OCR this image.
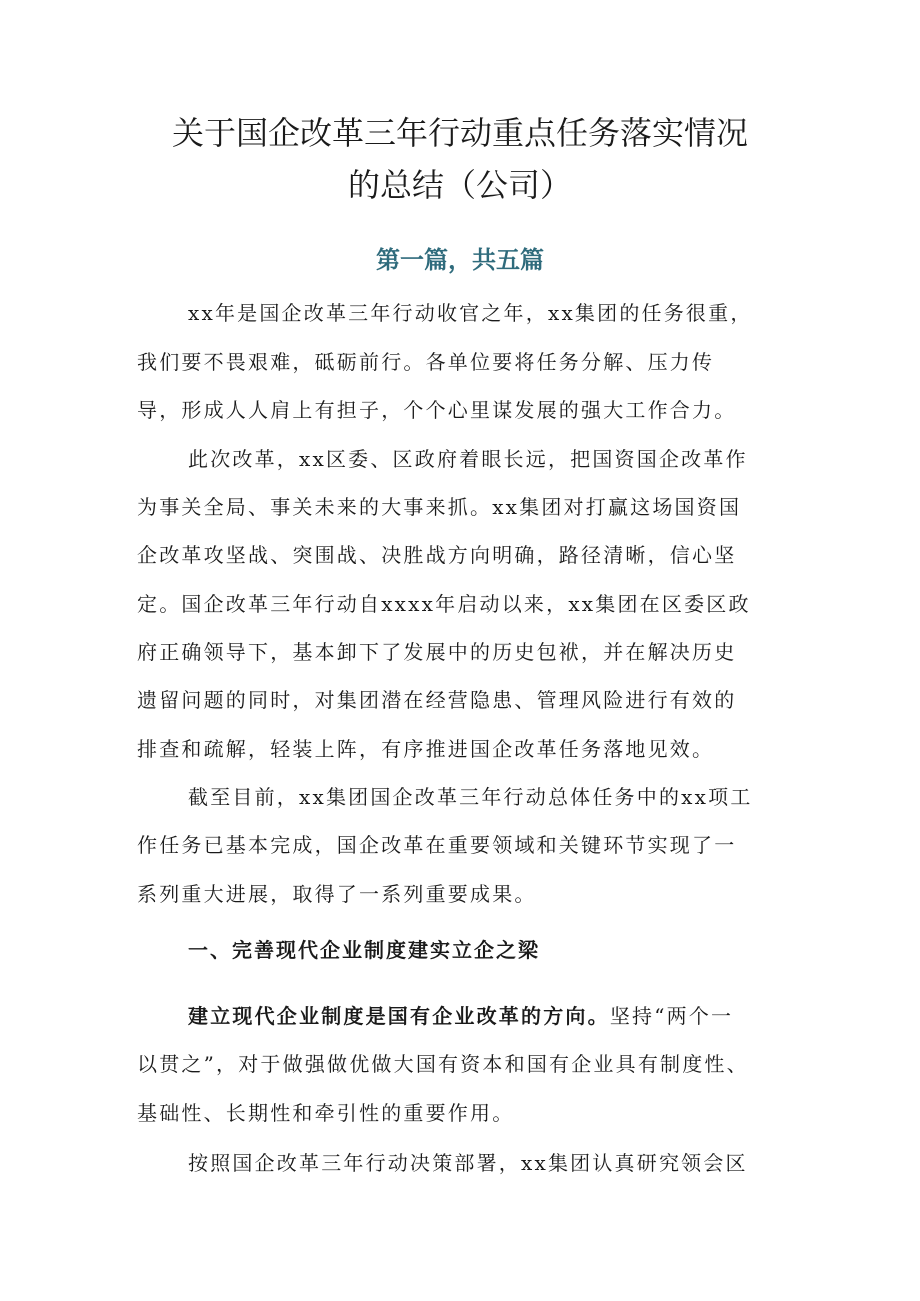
关于国企改革三年行动重点任务落实情况
的总结（公司）
第一篇，共五篇
xx年是国企改革三年行动收官之年，xx集团的任务很重，
我们要不畏艰难，砥砺前行。各单位要将任务分解、压力传
导，形成人人肩上有担子，个个心里谋发展的强大工作合力。
此次改革，xx区委、区政府着眼长远，把国资国企改革作
为事关全局、事关未来的大事来抓。xx集团对打赢这场国资国
企改革攻坚战、突围战、决胜战方向明确，路径清晰，信心坚
定。国企改革三年行动自xxxx年启动以来，xx集团在区委区政
府正确领导下，基本卸下了发展中的历史包袱，并在解决历史
遗留问题的同时，对集团潜在经营隐患、管理风险进行有效的
排查和疏解，轻装上阵，有序推进国企改革任务落地见效。
截至目前，xx集团国企改革三年行动总体任务中的xx项工
作任务已基本完成，国企改革在重要领域和关键环节实现了一
系列重大进展，取得了一系列重要成果。
一、完善现代企业制度建实立企之梁
建立现代企业制度是国有企业改革的方向。坚持“两个一
以贯之”，对于做强做优做大国有资本和国有企业具有制度性、
基础性、长期性和牵引性的重要作用。
按照国企改革三年行动决策部署，xx集团认真研究领会区
